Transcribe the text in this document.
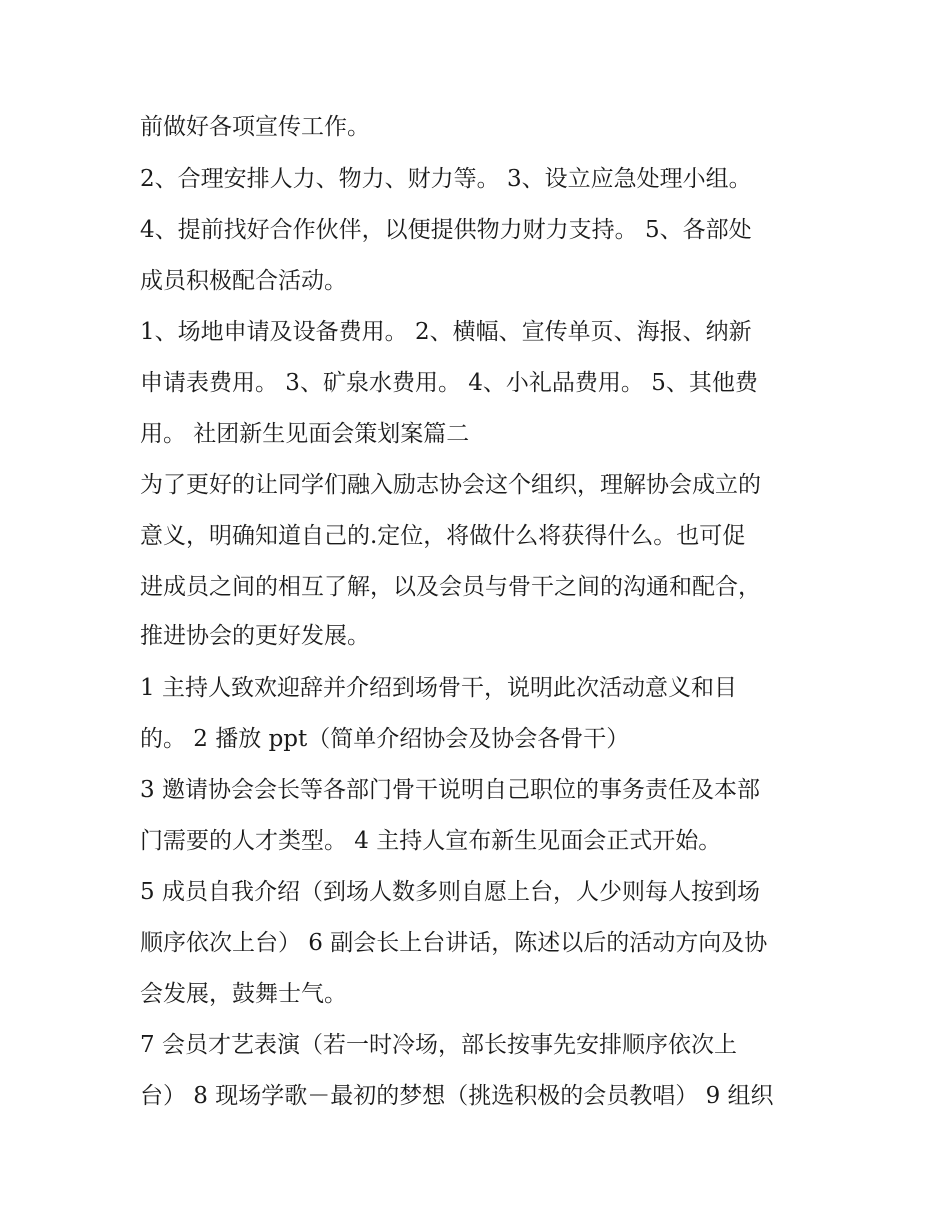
前做好各项宣传工作。
2、合理安排人力、物力、财力等。 3、设立应急处理小组。
4、提前找好合作伙伴，以便提供物力财力支持。 5、各部处
成员积极配合活动。
1、场地申请及设备费用。 2、横幅、宣传单页、海报、纳新
申请表费用。 3、矿泉水费用。 4、小礼品费用。 5、其他费
用。 社团新生见面会策划案篇二
为了更好的让同学们融入励志协会这个组织，理解协会成立的
意义，明确知道自己的.定位，将做什么将获得什么。也可促
进成员之间的相互了解，以及会员与骨干之间的沟通和配合，
推进协会的更好发展。
1 主持人致欢迎辞并介绍到场骨干，说明此次活动意义和目
的。 2 播放 ppt（简单介绍协会及协会各骨干）
3 邀请协会会长等各部门骨干说明自己职位的事务责任及本部
门需要的人才类型。 4 主持人宣布新生见面会正式开始。
5 成员自我介绍（到场人数多则自愿上台，人少则每人按到场
顺序依次上台） 6 副会长上台讲话，陈述以后的活动方向及协
会发展，鼓舞士气。
7 会员才艺表演（若一时冷场，部长按事先安排顺序依次上
台） 8 现场学歌－最初的梦想（挑选积极的会员教唱） 9 组织
